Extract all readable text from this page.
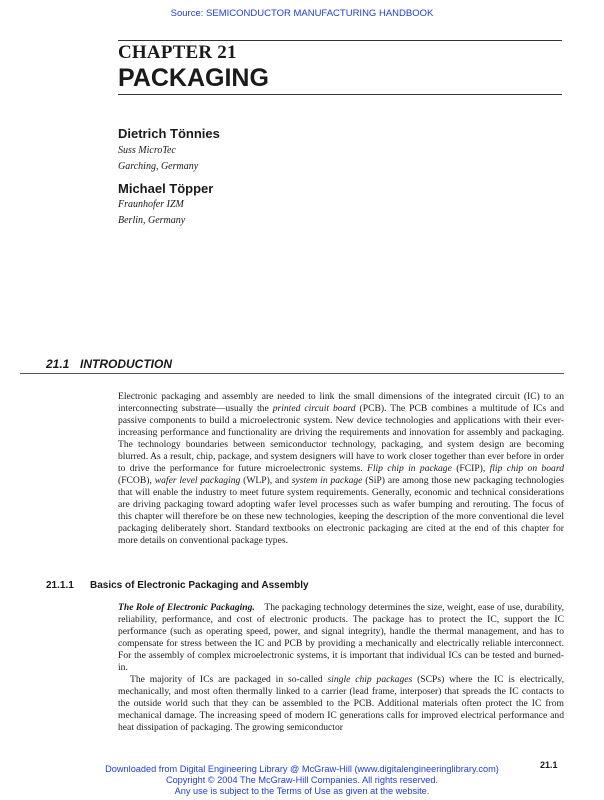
Source: SEMICONDUCTOR MANUFACTURING HANDBOOK
CHAPTER 21
PACKAGING
Dietrich Tönnies
Suss MicroTec
Garching, Germany
Michael Töpper
Fraunhofer IZM
Berlin, Germany
21.1 INTRODUCTION

Electronic packaging and assembly are needed to link the small dimensions of the integrated circuit (IC) to an interconnecting substrate—usually the printed circuit board (PCB). The PCB combines a multitude of ICs and passive components to build a microelectronic system. New device technologies and applications with their ever-increasing performance and functionality are driving the requirements and innovation for assembly and packaging. The technology boundaries between semiconductor technology, packaging, and system design are becoming blurred. As a result, chip, package, and system designers will have to work closer together than ever before in order to drive the performance for future microelectronic systems. Flip chip in package (FCIP), flip chip on board (FCOB), wafer level packaging (WLP), and system in package (SiP) are among those new packaging technologies that will enable the industry to meet future system requirements. Generally, economic and technical considerations are driving packaging toward adopting wafer level processes such as wafer bumping and rerouting. The focus of this chapter will therefore be on these new technologies, keeping the description of the more conventional die level packaging deliberately short. Standard textbooks on electronic packaging are cited at the end of this chapter for more details on conventional package types.

21.1.1 Basics of Electronic Packaging and Assembly

The Role of Electronic Packaging. The packaging technology determines the size, weight, ease of use, durability, reliability, performance, and cost of electronic products. The package has to protect the IC, support the IC performance (such as operating speed, power, and signal integrity), handle the thermal management, and has to compensate for stress between the IC and PCB by providing a mechanically and electrically reliable interconnect. For the assembly of complex microelectronic systems, it is important that individual ICs can be tested and burned-in.

The majority of ICs are packaged in so-called single chip packages (SCPs) where the IC is electrically, mechanically, and most often thermally linked to a carrier (lead frame, interposer) that spreads the IC contacts to the outside world such that they can be assembled to the PCB. Additional materials often protect the IC from mechanical damage. The increasing speed of modern IC generations calls for improved electrical performance and heat dissipation of packaging. The growing semiconductor

21.1
Downloaded from Digital Engineering Library @ McGraw-Hill (www.digitalengineeringlibrary.com)
Copyright © 2004 The McGraw-Hill Companies. All rights reserved.
Any use is subject to the Terms of Use as given at the website.
